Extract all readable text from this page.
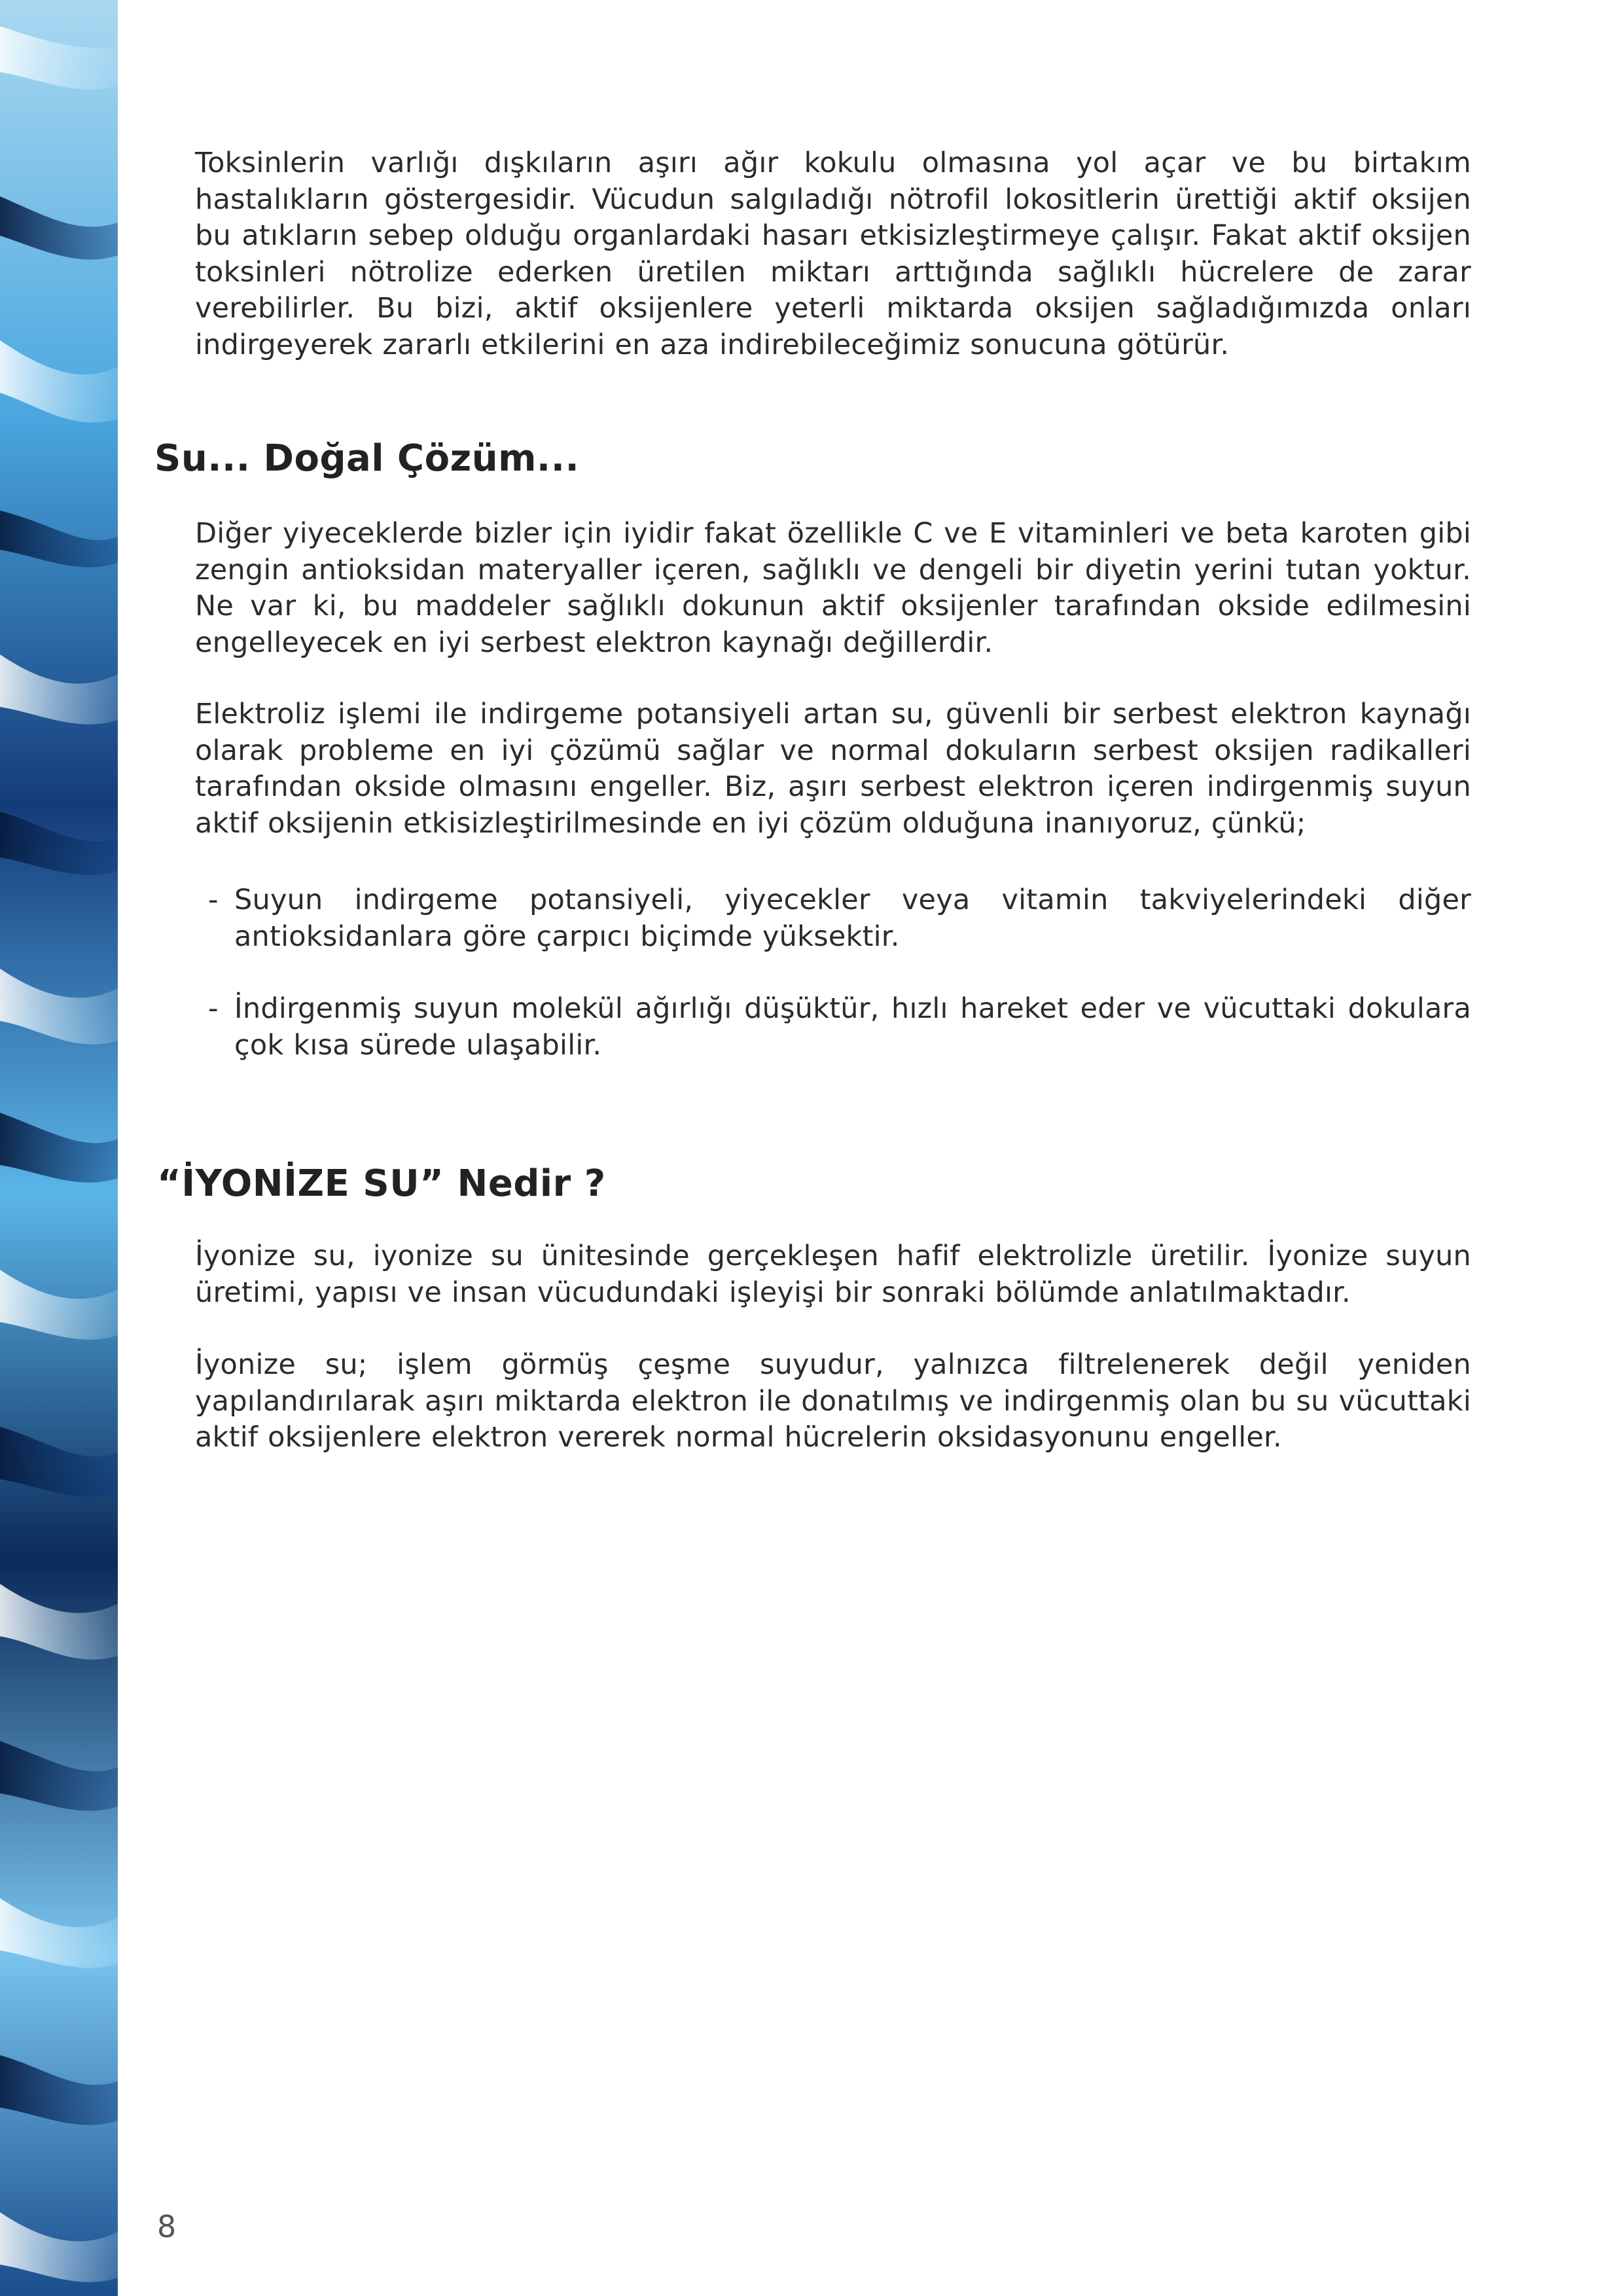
Toksinlerin varlığı dışkıların aşırı ağır kokulu olmasına yol açar ve bu birtakım hastalıkların göstergesidir. Vücudun salgıladığı nötrofil lokositlerin ürettiği aktif oksijen bu atıkların sebep olduğu organlardaki hasarı etkisizleştirmeye çalışır. Fakat aktif oksijen toksinleri nötrolize ederken üretilen miktarı arttığında sağlıklı hücrelere de zarar verebilirler. Bu bizi, aktif oksijenlere yeterli miktarda oksijen sağladığımızda onları indirgeyerek zararlı etkilerini en aza indirebileceğimiz sonucuna götürür.

Su... Doğal Çözüm...

Diğer yiyeceklerde bizler için iyidir fakat özellikle C ve E vitaminleri ve beta karoten gibi zengin antioksidan materyaller içeren, sağlıklı ve dengeli bir diyetin yerini tutan yoktur. Ne var ki, bu maddeler sağlıklı dokunun aktif oksijenler tarafından okside edilmesini engelleyecek en iyi serbest elektron kaynağı değillerdir.

Elektroliz işlemi ile indirgeme potansiyeli artan su, güvenli bir serbest elektron kaynağı olarak probleme en iyi çözümü sağlar ve normal dokuların serbest oksijen radikalleri tarafından okside olmasını engeller. Biz, aşırı serbest elektron içeren indirgenmiş suyun aktif oksijenin etkisizleştirilmesinde en iyi çözüm olduğuna inanıyoruz, çünkü;

- Suyun indirgeme potansiyeli, yiyecekler veya vitamin takviyelerindeki diğer antioksidanlara göre çarpıcı biçimde yüksektir.

- İndirgenmiş suyun molekül ağırlığı düşüktür, hızlı hareket eder ve vücuttaki dokulara çok kısa sürede ulaşabilir.

“İYONİZE SU” Nedir ?

İyonize su, iyonize su ünitesinde gerçekleşen hafif elektrolizle üretilir. İyonize suyun üretimi, yapısı ve insan vücudundaki işleyişi bir sonraki bölümde anlatılmaktadır.

İyonize su; işlem görmüş çeşme suyudur, yalnızca filtrelenerek değil yeniden yapılandırılarak aşırı miktarda elektron ile donatılmış ve indirgenmiş olan bu su vücuttaki aktif oksijenlere elektron vererek normal hücrelerin oksidasyonunu engeller.

8
